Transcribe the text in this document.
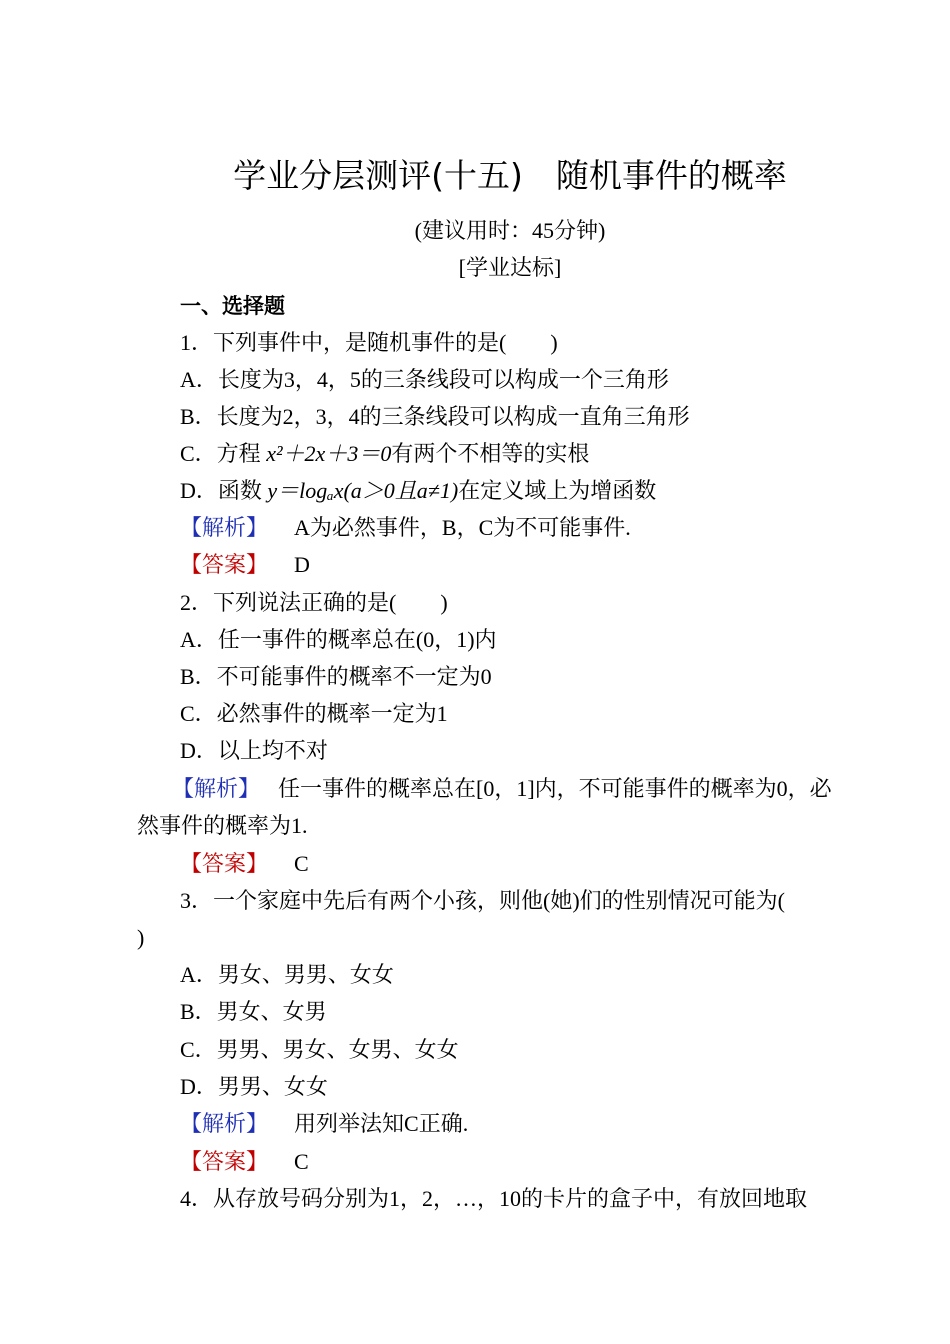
学业分层测评(十五)　随机事件的概率
(建议用时：45分钟)
[学业达标]
一、选择题
1．下列事件中，是随机事件的是(　　)
A．长度为3，4，5的三条线段可以构成一个三角形
B．长度为2，3，4的三条线段可以构成一直角三角形
C．方程 x²＋2x＋3＝0有两个不相等的实根
D．函数 y＝logₐx(a＞0且a≠1)在定义域上为增函数
【解析】 A为必然事件，B，C为不可能事件.
【答案】 D
2．下列说法正确的是(　　)
A．任一事件的概率总在(0，1)内
B．不可能事件的概率不一定为0
C．必然事件的概率一定为1
D．以上均不对
【解析】 任一事件的概率总在[0，1]内，不可能事件的概率为0，必
然事件的概率为1.
【答案】 C
3．一个家庭中先后有两个小孩，则他(她)们的性别情况可能为(
)
A．男女、男男、女女
B．男女、女男
C．男男、男女、女男、女女
D．男男、女女
【解析】 用列举法知C正确.
【答案】 C
4．从存放号码分别为1，2，…，10的卡片的盒子中，有放回地取
